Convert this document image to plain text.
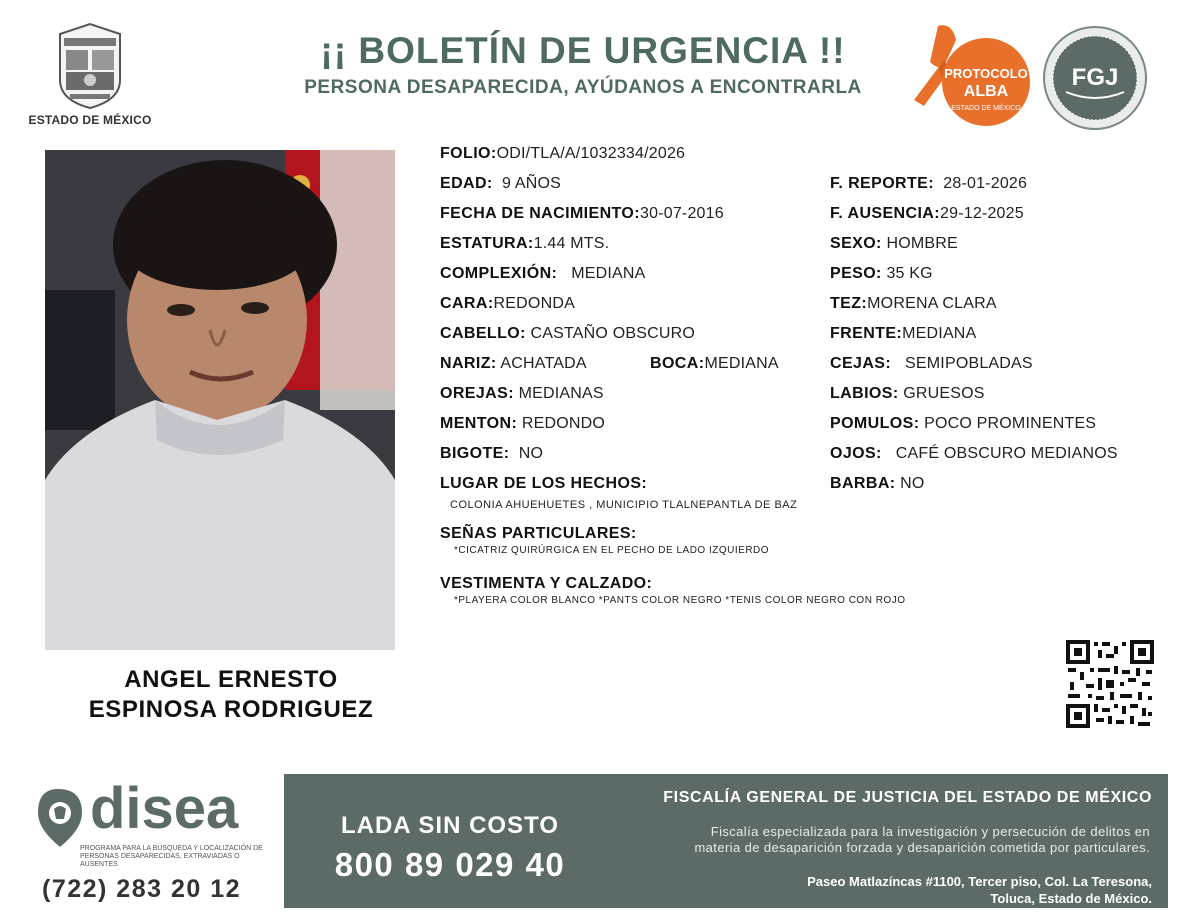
ESTADO DE MÉXICO
¡¡ BOLETÍN DE URGENCIA !!
PERSONA DESAPARECIDA, AYÚDANOS A ENCONTRARLA
PROTOCOLO
ALBA
ESTADO DE MÉXICO
FGJ
ANGEL ERNESTO
ESPINOSA RODRIGUEZ
FOLIO:ODI/TLA/A/1032334/2026
EDAD: 9 AÑOS	F. REPORTE: 28-01-2026
FECHA DE NACIMIENTO:30-07-2016	F. AUSENCIA:29-12-2025
ESTATURA:1.44 MTS.	SEXO: HOMBRE
COMPLEXIÓN: MEDIANA	PESO: 35 KG
CARA:REDONDA	TEZ:MORENA CLARA
CABELLO: CASTAÑO OBSCURO	FRENTE:MEDIANA
NARIZ: ACHATADA	BOCA:MEDIANA	CEJAS: SEMIPOBLADAS
OREJAS: MEDIANAS	LABIOS: GRUESOS
MENTON: REDONDO	POMULOS: POCO PROMINENTES
BIGOTE: NO	OJOS: CAFÉ OBSCURO MEDIANOS
LUGAR DE LOS HECHOS:	BARBA: NO
COLONIA AHUEHUETES , MUNICIPIO TLALNEPANTLA DE BAZ
SEÑAS PARTICULARES:
*CICATRIZ QUIRÚRGICA EN EL PECHO DE LADO IZQUIERDO
VESTIMENTA Y CALZADO:
*PLAYERA COLOR BLANCO *PANTS COLOR NEGRO *TENIS COLOR NEGRO CON ROJO
disea
PROGRAMA PARA LA BÚSQUEDA Y LOCALIZACIÓN DE PERSONAS DESAPARECIDAS, EXTRAVIADAS O AUSENTES
(722) 283 20 12
LADA SIN COSTO
800 89 029 40
FISCALÍA GENERAL DE JUSTICIA DEL ESTADO DE MÉXICO
Fiscalía especializada para la investigación y persecución de delitos en
materia de desaparición forzada y desaparición cometida por particulares.
Paseo Matlazíncas #1100, Tercer piso, Col. La Teresona,
Toluca, Estado de México.
